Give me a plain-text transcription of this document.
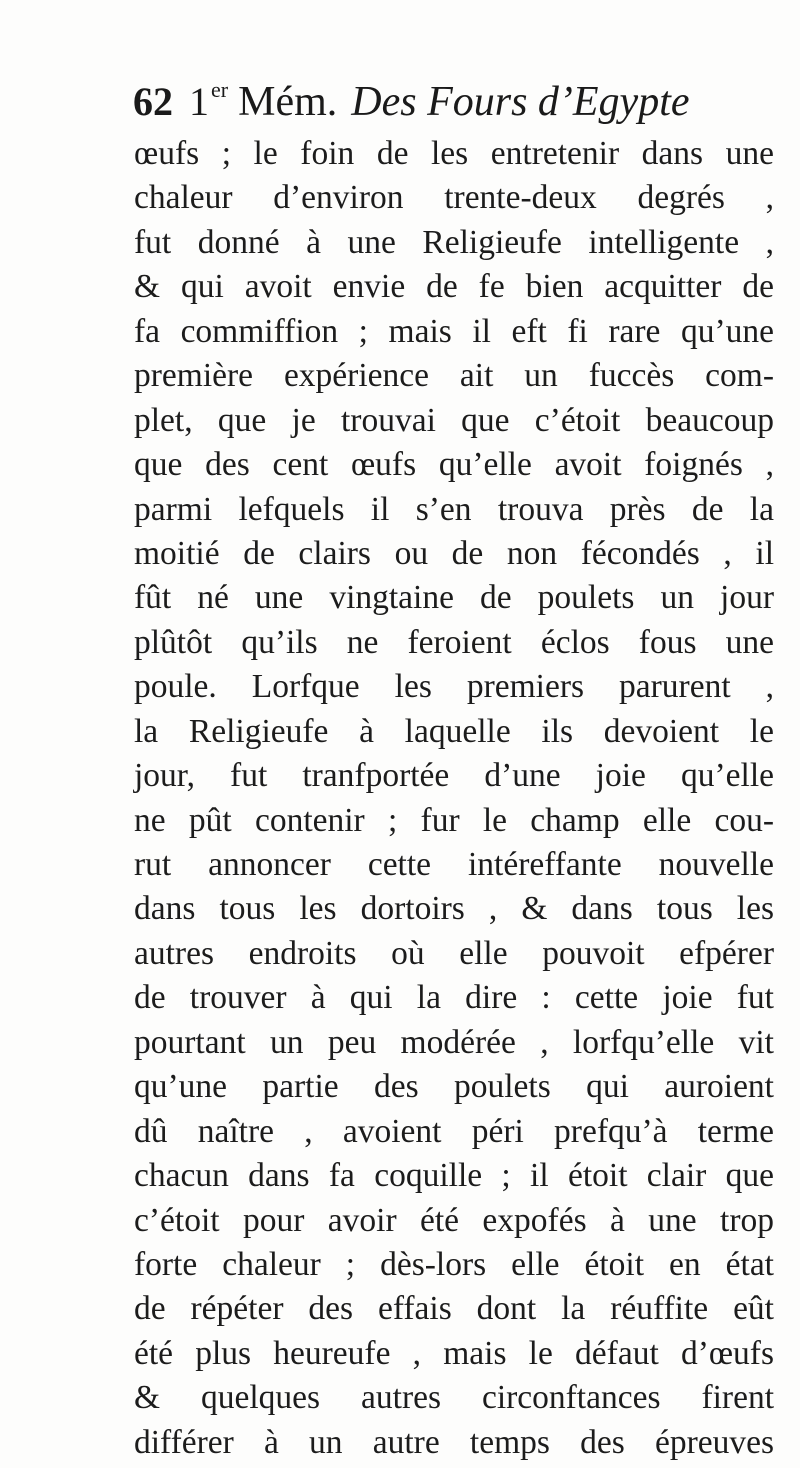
62 1er Mém. Des Fours d’Egypte
œufs ; le foin de les entretenir dans une
chaleur d’environ trente-deux degrés ,
fut donné à une Religieufe intelligente ,
& qui avoit envie de fe bien acquitter de
fa commiffion ; mais il eft fi rare qu’une
première expérience ait un fuccès com-
plet, que je trouvai que c’étoit beaucoup
que des cent œufs qu’elle avoit foignés ,
parmi lefquels il s’en trouva près de la
moitié de clairs ou de non fécondés , il
fût né une vingtaine de poulets un jour
plûtôt qu’ils ne feroient éclos fous une
poule. Lorfque les premiers parurent ,
la Religieufe à laquelle ils devoient le
jour, fut tranfportée d’une joie qu’elle
ne pût contenir ; fur le champ elle cou-
rut annoncer cette intéreffante nouvelle
dans tous les dortoirs , & dans tous les
autres endroits où elle pouvoit efpérer
de trouver à qui la dire : cette joie fut
pourtant un peu modérée , lorfqu’elle vit
qu’une partie des poulets qui auroient
dû naître , avoient péri prefqu’à terme
chacun dans fa coquille ; il étoit clair que
c’étoit pour avoir été expofés à une trop
forte chaleur ; dès-lors elle étoit en état
de répéter des effais dont la réuffite eût
été plus heureufe , mais le défaut d’œufs
& quelques autres circonftances firent
différer à un autre temps des épreuves
